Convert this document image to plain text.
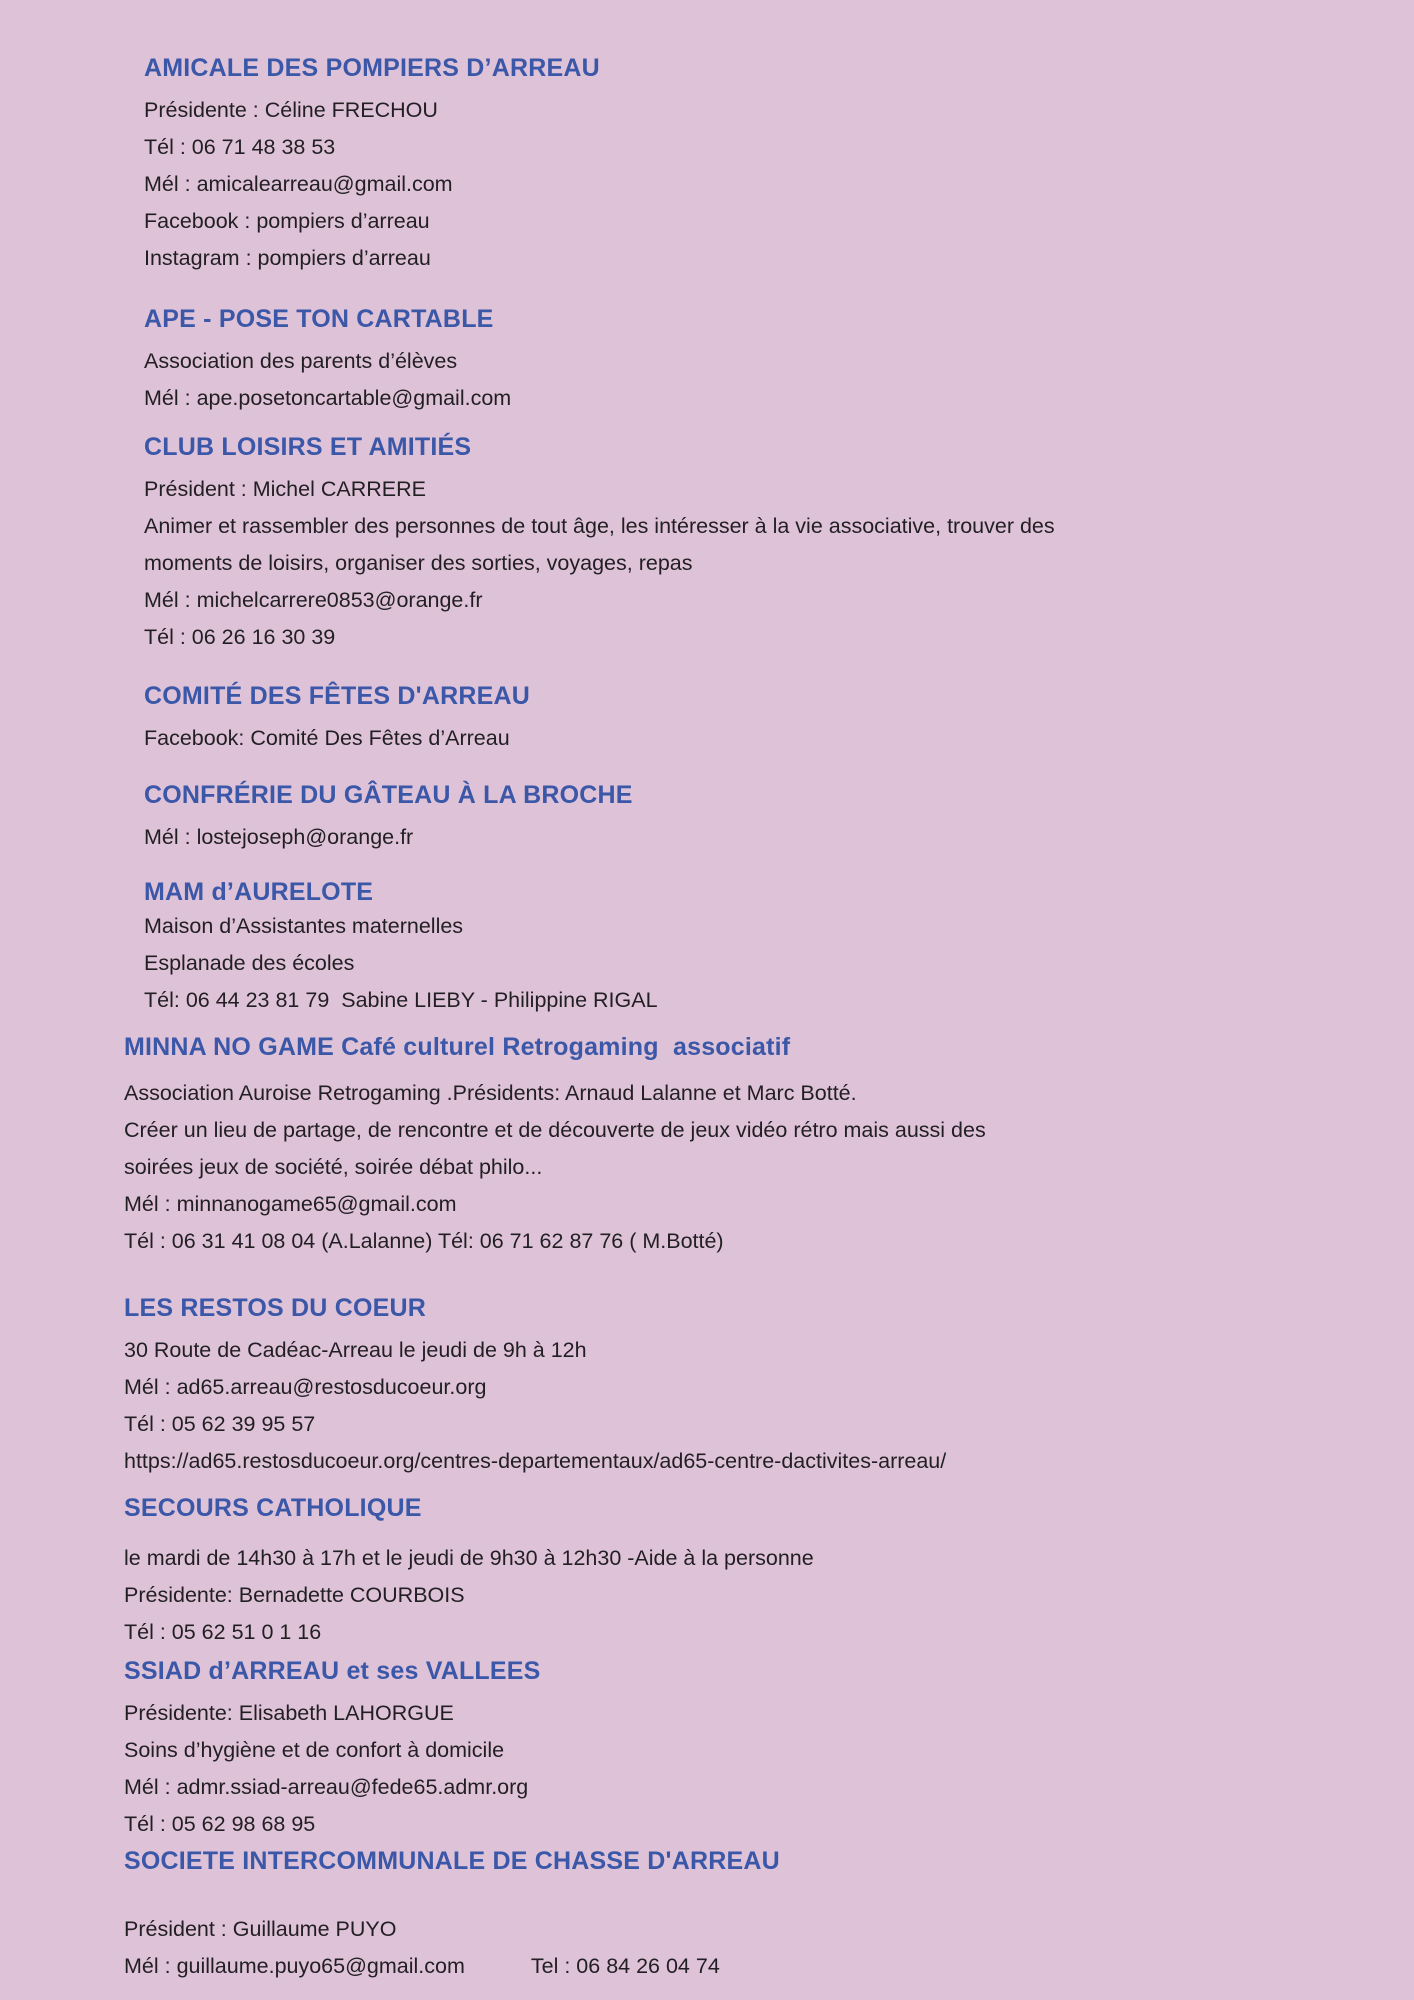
AMICALE DES POMPIERS D’ARREAU
Présidente : Céline FRECHOU
Tél : 06 71 48 38 53
Mél : amicalearreau@gmail.com
Facebook : pompiers d’arreau
Instagram : pompiers d’arreau
APE - POSE TON CARTABLE
Association des parents d’élèves
Mél : ape.posetoncartable@gmail.com
CLUB LOISIRS ET AMITIÉS
Président : Michel CARRERE
Animer et rassembler des personnes de tout âge, les intéresser à la vie associative, trouver des
moments de loisirs, organiser des sorties, voyages, repas
Mél : michelcarrere0853@orange.fr
Tél : 06 26 16 30 39
COMITÉ DES FÊTES D'ARREAU
Facebook: Comité Des Fêtes d’Arreau
CONFRÉRIE DU GÂTEAU À LA BROCHE
Mél : lostejoseph@orange.fr
MAM d’AURELOTE
Maison d’Assistantes maternelles
Esplanade des écoles
Tél: 06 44 23 81 79  Sabine LIEBY - Philippine RIGAL
MINNA NO GAME Café culturel Retrogaming  associatif
Association Auroise Retrogaming .Présidents: Arnaud Lalanne et Marc Botté.
Créer un lieu de partage, de rencontre et de découverte de jeux vidéo rétro mais aussi des
soirées jeux de société, soirée débat philo...
Mél : minnanogame65@gmail.com
Tél : 06 31 41 08 04 (A.Lalanne) Tél: 06 71 62 87 76 ( M.Botté)
LES RESTOS DU COEUR
30 Route de Cadéac-Arreau le jeudi de 9h à 12h
Mél : ad65.arreau@restosducoeur.org
Tél : 05 62 39 95 57
https://ad65.restosducoeur.org/centres-departementaux/ad65-centre-dactivites-arreau/
SECOURS CATHOLIQUE
le mardi de 14h30 à 17h et le jeudi de 9h30 à 12h30 -Aide à la personne
Présidente: Bernadette COURBOIS
Tél : 05 62 51 0 1 16
SSIAD d’ARREAU et ses VALLEES
Présidente: Elisabeth LAHORGUE
Soins d’hygiène et de confort à domicile
Mél : admr.ssiad-arreau@fede65.admr.org
Tél : 05 62 98 68 95
SOCIETE INTERCOMMUNALE DE CHASSE D'ARREAU
Président : Guillaume PUYO
Mél : guillaume.puyo65@gmail.com	Tel : 06 84 26 04 74
